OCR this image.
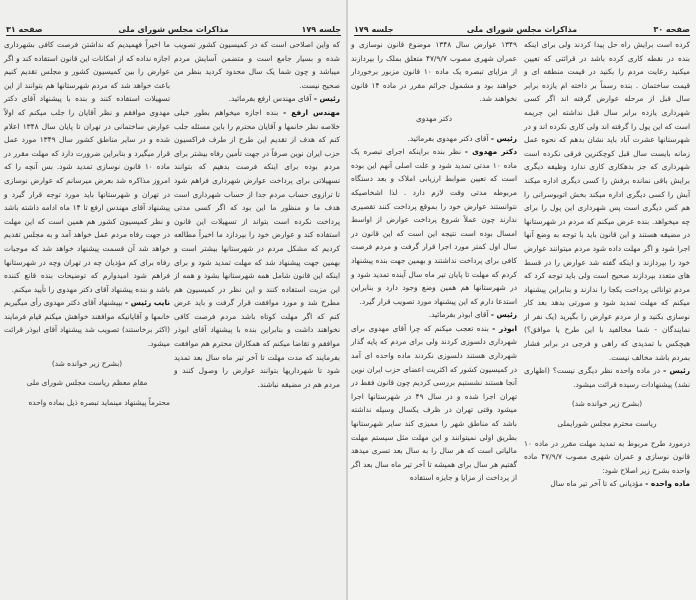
جلسه ۱۷۹
مذاکرات مجلس شورای ملی
صفحه ۳۱

که واین اصلاحی است که در کمیسیون کشور تصویب شده و بسیار جامع است و متضمن آسایش مردم میباشد و چون شما یک سال محدود کردید بنظر من صحیح نیست.

رئیس - آقای مهندس ارفع بفرمائید.

مهندس ارفع - بنده اجازه میخواهم بطور خیلی خلاصه نظر خانمها و آقایان محترم را باین مسئله جلب کنم که هدف از تقدیم این طرح از طرف فراکسیون حزب ایران نوین صرفاً در جهت تأمین رفاه بیشتر برای مردم بوده برای اینکه فرصت بدهیم که بتوانند تسهیلاتی برای پرداخت عوارض شهرداری فراهم شود تا ترازوی حساب مردم جدا از حساب شهرداری است هدف ما و منظور ما این بود که اگر کسی مدتی پرداخت نکرده است بتواند از تسهیلات این قانون استفاده کند و عوارض خود را بپردازد ما اخیراً مطالعه کردیم که مشکل مردم در شهرستانها بیشتر است و بهمین جهت پیشنهاد شد که مهلت تمدید شود و برای اینکه این قانون شامل همه شهرستانها بشود و همه از این مزیت استفاده کنند و این نظر در کمیسیون هم مطرح شد و مورد موافقت قرار گرفت و باید عرض کنم که اگر مهلت کوتاه باشد مردم فرصت کافی نخواهند داشت و بنابراین بنده با پیشنهاد آقای ابوذر موافقم و تقاضا میکنم که همکاران محترم هم موافقت بفرمایند که مدت مهلت تا آخر تیر ماه سال بعد تمدید شود تا شهرداریها بتوانند عوارض را وصول کنند و مردم هم در مضیقه نباشند.

ما اخیراً فهمیدیم که نداشتن فرصت کافی بشهرداری اجازه نداده که از امکانات این قانون استفاده کند و اگر عوارض را بین کمیسیون کشور و مجلس تقدیم کنیم باعث خواهد شد که مردم شهرستانها هم بتوانند از این تسهیلات استفاده کنند و بنده با پیشنهاد آقای دکتر مهدوی موافقم و نظر آقایان را جلب میکنم که اولاً عوارض ساختمانی در تهران تا پایان سال ۱۳۴۸ اعلام شده و در سایر مناطق کشور سال ۱۳۴۹ مورد عمل قرار میگیرد و بنابراین ضرورت دارد که مهلت مقرر در ماده ۱۰ قانون نوسازی تمدید شود. بس آنچه را که امروز مذاکره شد بعرض میرسانم که عوارض نوسازی در تهران و شهرستانها باید مورد توجه قرار گیرد و پیشنهاد آقای مهندس ارفع تا ۱۴ ماه ادامه داشته باشد و نظر کمیسیون کشور هم همین است که این مهلت در جهت رفاه مردم عمل خواهد آمد و به مجلس تقدیم خواهد شد آن قسمت پیشنهاد خواهد شد که موجبات رفاه برای کم مؤدیان چه در تهران وچه در شهرستانها فراهم شود امیدوارم که توضیحات بنده قانع کننده باشد و بنده پیشنهاد آقای دکتر مهدوی را تأیید میکنم.

نایب رئیس - بپیشنهاد آقای دکتر مهدوی رأی میگیریم خانمها و آقایانیکه موافقند خواهش میکنم قیام فرمایند (اکثر برخاستند) تصویب شد پیشنهاد آقای ابوذر قرائت میشود.

(بشرح زیر خوانده شد)

مقام معظم ریاست مجلس شورای ملی

محترماً پیشنهاد مینماید تبصره ذیل بماده واحده

صفحه ۳۰
مذاکرات مجلس شورای ملی
جلسه ۱۷۹

کرده است برایش راه حل پیدا کردند ولی برای اینکه بنده در نقطه کاری کرده باشد در قرائتی که تعیین میکنید رعایت مردم را بکنید در قیمت منطقه ای و قیمت ساختمان . بنده رسماً بر داخته ام یازده برابر سال قبل از مرحله عوارض گرفته اند اگر کسی شهرداری یازده برابر سال قبل نداشته این جریمه است که این پول را گرفته اند ولی کاری نکرده اند و در شهرستانها عشرت آباد باید نشان بدهم که نحوه عمل زمانه بایست سال قبل کوچکترین فرقی نکرده است شهرداری که جز بدهکاری کاری ندارد وظیفه دیگری برایش باقی نمانده برفش را کسی دیگری اداره میکند آبش را کسی دیگری اداره میکند بخش اتوبوسرانی را هم کس دیگری است پس شهرداری این پول را برای چه میخواهد. بنده عرض میکنم که مردم در شهرستانها در مضیقه هستند و این قانون باید با توجه به وضع آنها اجرا شود و اگر مهلت داده شود مردم میتوانند عوارض خود را بپردازند و اینکه گفته شد عوارض را در قسط های متعدد بپردازند صحیح است ولی باید توجه کرد که مردم توانائی پرداخت یکجا را ندارند و بنابراین پیشنهاد میکنم که مهلت تمدید شود و صورتی بدهد بعد کار نوسازی بکنید و از مردم عوارض را بگیرید (یک نفر از نمایندگان - شما مخالفید با این طرح یا موافق؟) هیچکس با تمدیدی که راهی و فرجی در برابر فشار بمردم باشد مخالف نیست.

رئیس - در ماده واحده نظر دیگری نیست؟ (اظهاری نشد) پیشنهادات رسیده قرائت میشود.

(بشرح زیر خوانده شد)

ریاست محترم مجلس شورایملی

درمورد طرح مربوط به تمدید مهلت مقرر در ماده ۱۰ قانون نوسازی و عمران شهری مصوب ۴۷/۹/۷ ماده واحده بشرح زیر اصلاح شود:

ماده واحده - مؤدیانی که تا آخر تیر ماه سال

۱۳۴۹ عوارض سال ۱۳۴۸ موضوع قانون نوسازی و عمران شهری مصوب ۴۷/۹/۷ متعلق بملک را بپردازند از مزایای تبصره یک ماده ۱۰ قانون مزبور برخوردار خواهند بود و مشمول جرائم مقرر در ماده ۱۴ قانون نخواهند شد.

دکتر مهدوی

رئیس - آقای دکتر مهدوی بفرمائید.

دکتر مهدوی - نظر بنده براینکه اجرای تبصره یک ماده ۱۰ مدتی تمدید شود و علت اصلی آنهم این بوده است که تعیین ضوابط ارزیابی املاک و بعد دستگاه مربوطه مدتی وقت لازم دارد . لذا اشخاصیکه نتوانستند عوارض خود را بموقع پرداخت کنند تقصیری ندارند چون عملاً شروع پرداخت عوارض از اواسط امسال بوده است نتیجه این است که این قانون در سال اول کمتر مورد اجرا قرار گرفت و مردم فرصت کافی برای پرداخت نداشتند و بهمین جهت بنده پیشنهاد کردم که مهلت تا پایان تیر ماه سال آینده تمدید شود و در شهرستانها هم همین وضع وجود دارد و بنابراین استدعا دارم که این پیشنهاد مورد تصویب قرار گیرد.

رئیس - آقای ابوذر بفرمائید.

ابوذر - بنده تعجب میکنم که چرا آقای مهدوی برای شهرداری دلسوزی کردند ولی برای مردم که پایه گذار شهرداری هستند دلسوزی نکردند ماده واحده ای آمد در کمیسیون کشور که اکثریت اعضای حزب ایران نوین آنجا هستند نشستیم بررسی کردیم چون قانون فقط در تهران اجرا شده و در سال ۴۹ در شهرستانها اجرا میشود وقتی تهران در ظرف یکسال وسیله نداشته باشد که مناطق شهر را ممیزی کند سایر شهرستانها بطریق اولی نمیتوانند و این مهلت مثل سیستم مهلت مالیاتی است که هر سال را به سال بعد تسری میدهد گفتیم هر سال برای همیشه تا آخر تیر ماه سال بعد اگر از پرداخت از مزایا و جایزه استفاده
